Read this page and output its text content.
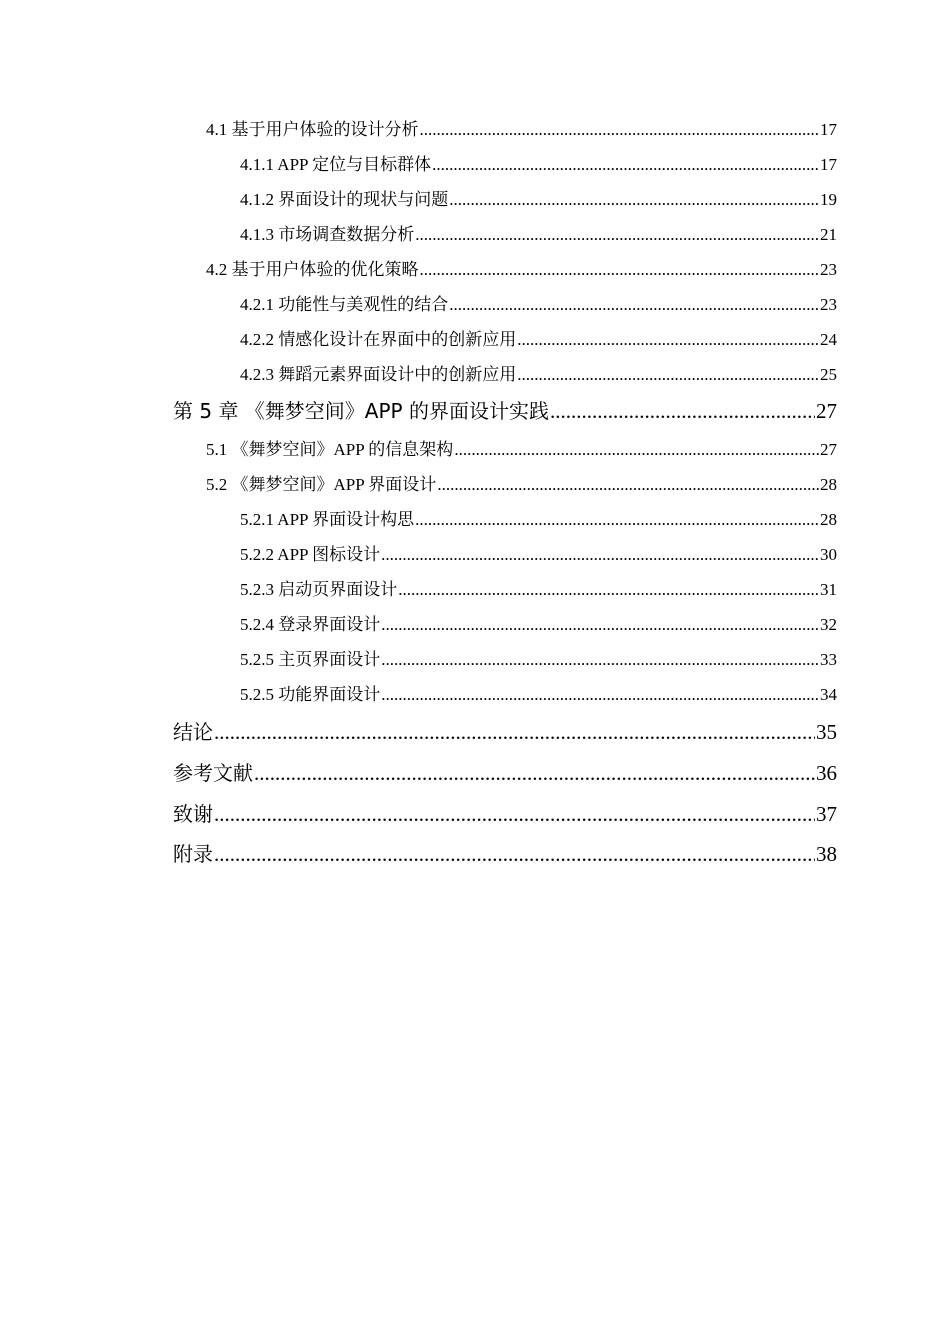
4.1 基于用户体验的设计分析 .....	17
4.1.1 APP 定位与目标群体 .....	17
4.1.2 界面设计的现状与问题 .....	19
4.1.3 市场调查数据分析 .....	21
4.2 基于用户体验的优化策略 .....	23
4.2.1 功能性与美观性的结合 .....	23
4.2.2 情感化设计在界面中的创新应用 .....	24
4.2.3 舞蹈元素界面设计中的创新应用 .....	25
第 5 章 《舞梦空间》APP 的界面设计实践 .....	27
5.1 《舞梦空间》APP 的信息架构 .....	27
5.2 《舞梦空间》APP 界面设计 .....	28
5.2.1 APP 界面设计构思 .....	28
5.2.2 APP 图标设计 .....	30
5.2.3 启动页界面设计 .....	31
5.2.4 登录界面设计 .....	32
5.2.5 主页界面设计 .....	33
5.2.5 功能界面设计 .....	34
结论 .....	35
参考文献 .....	36
致谢 .....	37
附录 .....	38
